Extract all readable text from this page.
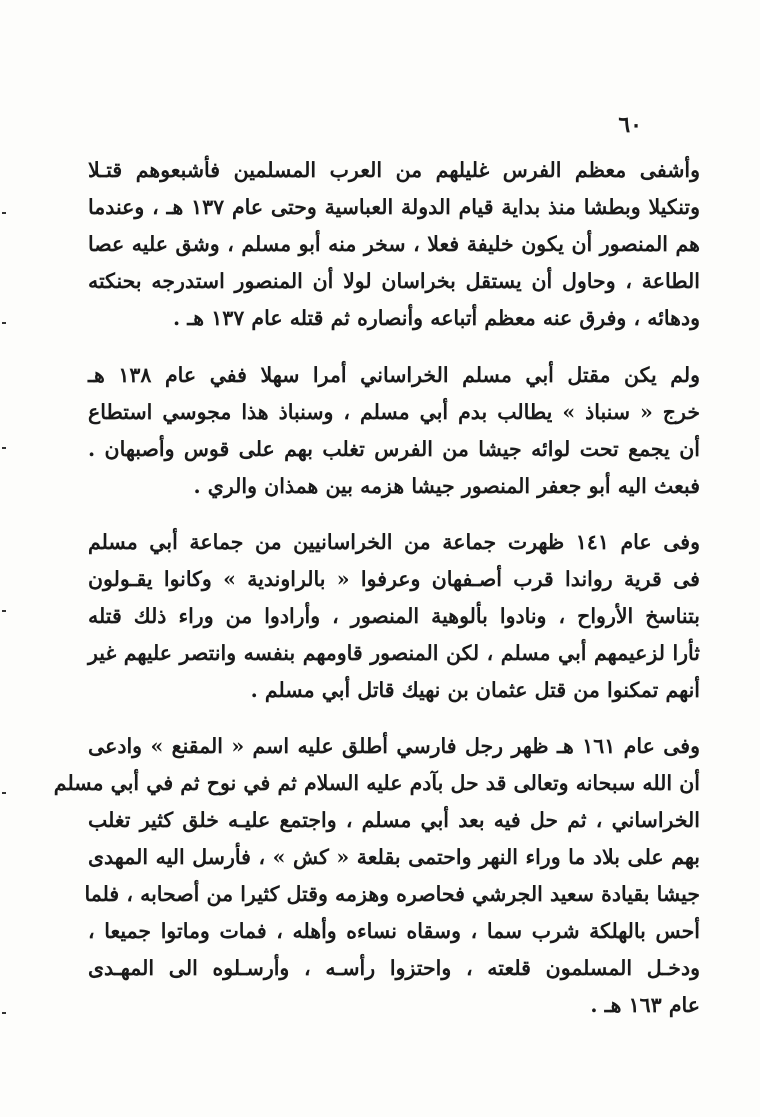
٦٠
وأشفى معظم الفرس غليلهم من العرب المسلمين فأشبعوهم قتـلا
وتنكيلا وبطشا منذ بداية قيام الدولة العباسية وحتى عام ١٣٧ هـ ، وعندما
هم المنصور أن يكون خليفة فعلا ، سخر منه أبو مسلم ، وشق عليه عصا
الطاعة ، وحاول أن يستقل بخراسان لولا أن المنصور استدرجه بحنكته
ودهائه ، وفرق عنه معظم أتباعه وأنصاره ثم قتله عام ١٣٧ هـ .
ولم يكن مقتل أبي مسلم الخراساني أمرا سهلا ففي عام ١٣٨ هـ
خرج « سنباذ » يطالب بدم أبي مسلم ، وسنباذ هذا مجوسي استطاع
أن يجمع تحت لوائه جيشا من الفرس تغلب بهم على قوس وأصبهان .
فبعث اليه أبو جعفر المنصور جيشا هزمه بين همذان والري .
وفى عام ١٤١ ظهرت جماعة من الخراسانيين من جماعة أبي مسلم
فى قرية رواندا قرب أصـفهان وعرفوا « بالراوندية » وكانوا يقـولون
بتناسخ الأرواح ، ونادوا بألوهية المنصور ، وأرادوا من وراء ذلك قتله
ثأرا لزعيمهم أبي مسلم ، لكن المنصور قاومهم بنفسه وانتصر عليهم غير
أنهم تمكنوا من قتل عثمان بن نهيك قاتل أبي مسلم .
وفى عام ١٦١ هـ ظهر رجل فارسي أطلق عليه اسم « المقنع » وادعى
أن الله سبحانه وتعالى قد حل بآدم عليه السلام ثم في نوح ثم في أبي مسلم
الخراساني ، ثم حل فيه بعد أبي مسلم ، واجتمع عليـه خلق كثير تغلب
بهم على بلاد ما وراء النهر واحتمى بقلعة « كش » ، فأرسل اليه المهدى
جيشا بقيادة سعيد الجرشي فحاصره وهزمه وقتل كثيرا من أصحابه ، فلما
أحس بالهلكة شرب سما ، وسقاه نساءه وأهله ، فمات وماتوا جميعا ،
ودخـل المسلمون قلعته ، واحتزوا رأسـه ، وأرسـلوه الى المهـدى
عام ١٦٣ هـ .
